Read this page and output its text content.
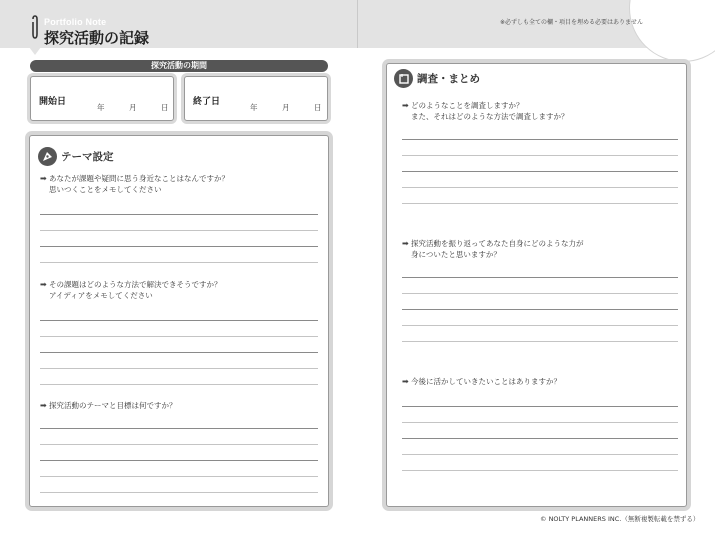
Portfolio Note
探究活動の記録
※必ずしも全ての欄・項目を埋める必要はありません
探究活動の期間
開始日
年	月	日
終了日
年	月	日
テーマ設定
➡ あなたが課題や疑問に思う身近なことはなんですか？
思いつくことをメモしてください
➡ その課題はどのような方法で解決できそうですか？
アイディアをメモしてください
➡ 探究活動のテーマと目標は何ですか？
調査・まとめ
➡ どのようなことを調査しますか？
また、それはどのような方法で調査しますか？
➡ 探究活動を振り返ってあなた自身にどのような力が
身についたと思いますか？
➡ 今後に活かしていきたいことはありますか？
© NOLTY PLANNERS INC.（無断複製転載を禁ずる）
